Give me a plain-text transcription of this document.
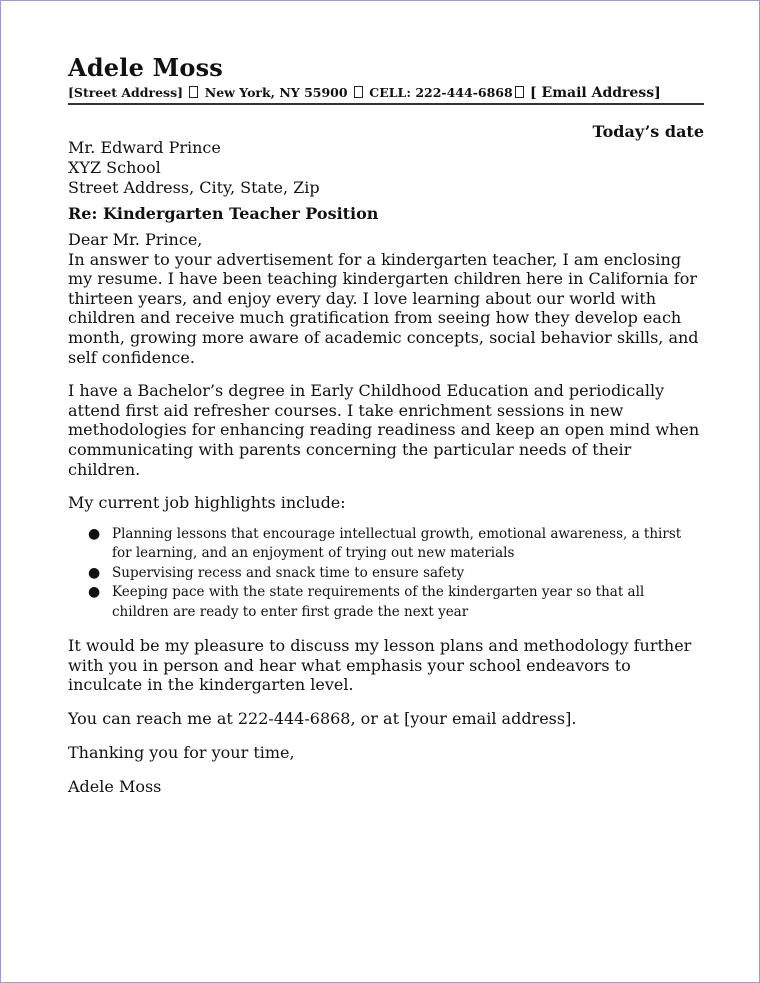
Adele Moss
[Street Address] New York, NY 55900 CELL: 222-444-6868 [ Email Address]
Today’s date
Mr. Edward Prince
XYZ School
Street Address, City, State, Zip
Re: Kindergarten Teacher Position
Dear Mr. Prince,

In answer to your advertisement for a kindergarten teacher, I am enclosing my resume. I have been teaching kindergarten children here in California for thirteen years, and enjoy every day. I love learning about our world with children and receive much gratification from seeing how they develop each month, growing more aware of academic concepts, social behavior skills, and self confidence.

I have a Bachelor’s degree in Early Childhood Education and periodically attend first aid refresher courses. I take enrichment sessions in new methodologies for enhancing reading readiness and keep an open mind when communicating with parents concerning the particular needs of their children.

My current job highlights include:

● Planning lessons that encourage intellectual growth, emotional awareness, a thirst for learning, and an enjoyment of trying out new materials
● Supervising recess and snack time to ensure safety
● Keeping pace with the state requirements of the kindergarten year so that all children are ready to enter first grade the next year

It would be my pleasure to discuss my lesson plans and methodology further with you in person and hear what emphasis your school endeavors to inculcate in the kindergarten level.

You can reach me at 222-444-6868, or at [your email address].
Thanking you for your time,
Adele Moss
